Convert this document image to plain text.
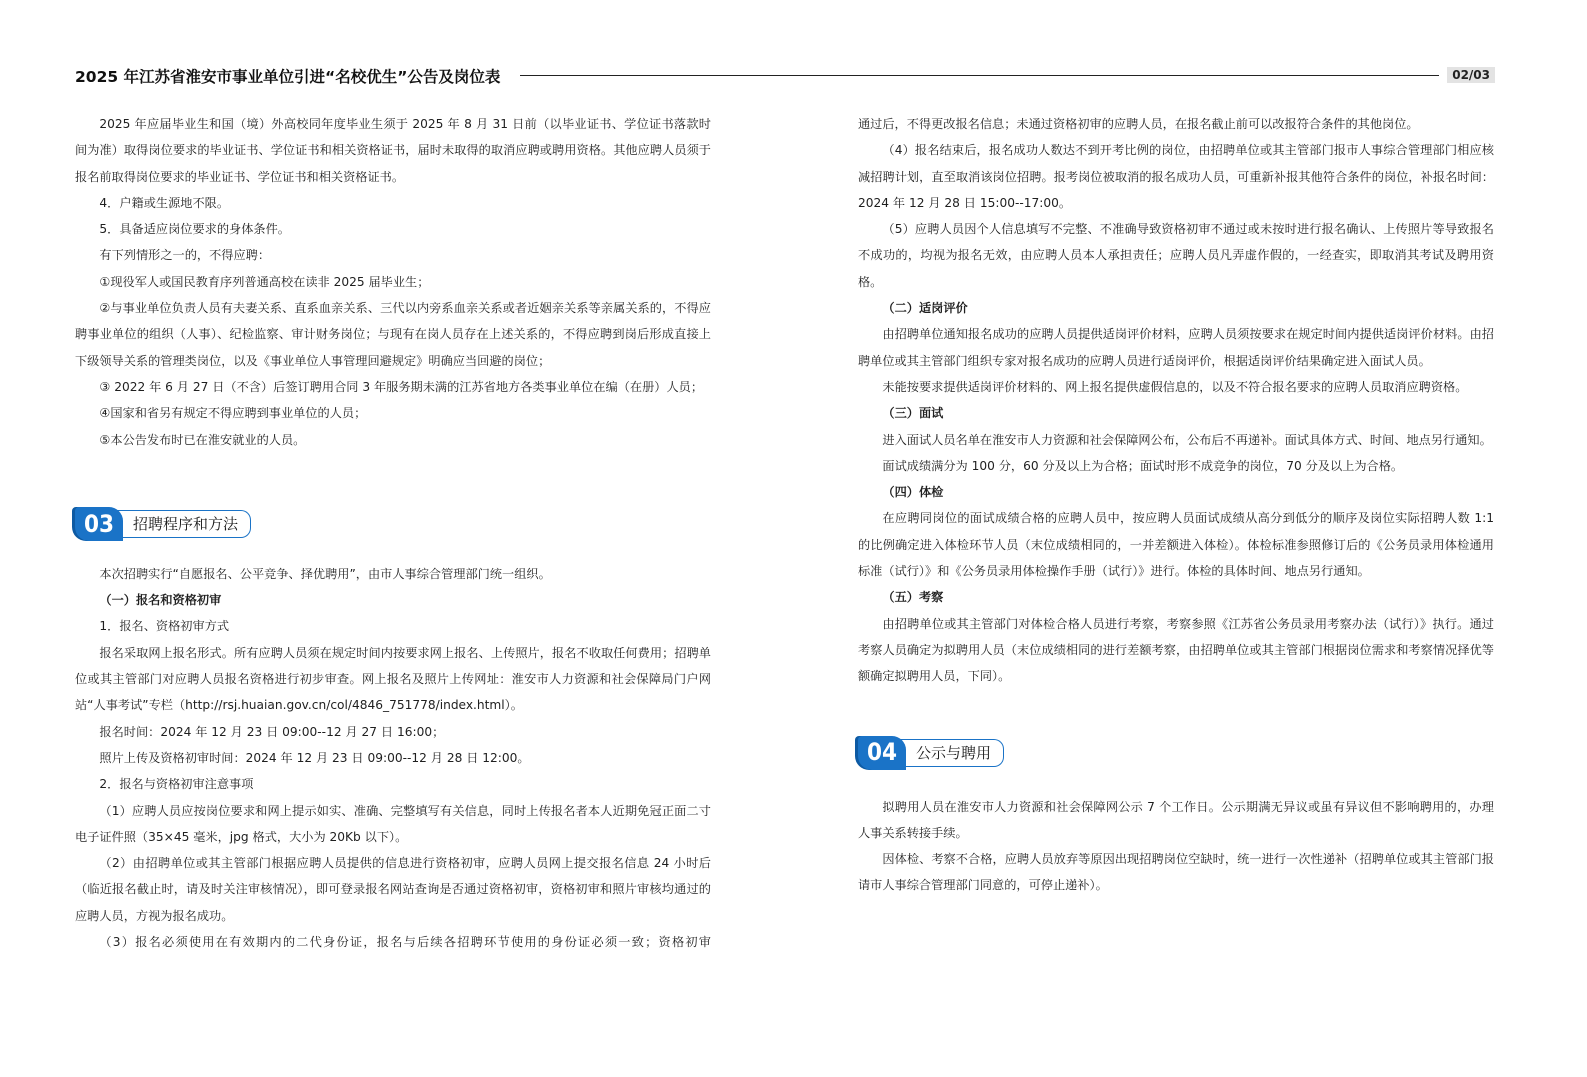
2025 年江苏省淮安市事业单位引进“名校优生”公告及岗位表	02/03

2025 年应届毕业生和国（境）外高校同年度毕业生须于 2025 年 8 月 31 日前（以毕业证书、学位证书落款时间为准）取得岗位要求的毕业证书、学位证书和相关资格证书，届时未取得的取消应聘或聘用资格。其他应聘人员须于报名前取得岗位要求的毕业证书、学位证书和相关资格证书。

4．户籍或生源地不限。

5．具备适应岗位要求的身体条件。

有下列情形之一的，不得应聘：

①现役军人或国民教育序列普通高校在读非 2025 届毕业生；

②与事业单位负责人员有夫妻关系、直系血亲关系、三代以内旁系血亲关系或者近姻亲关系等亲属关系的，不得应聘事业单位的组织（人事）、纪检监察、审计财务岗位；与现有在岗人员存在上述关系的，不得应聘到岗后形成直接上下级领导关系的管理类岗位，以及《事业单位人事管理回避规定》明确应当回避的岗位；

③ 2022 年 6 月 27 日（不含）后签订聘用合同 3 年服务期未满的江苏省地方各类事业单位在编（在册）人员；

④国家和省另有规定不得应聘到事业单位的人员；

⑤本公告发布时已在淮安就业的人员。

03	招聘程序和方法

本次招聘实行“自愿报名、公平竞争、择优聘用”，由市人事综合管理部门统一组织。

（一）报名和资格初审

1．报名、资格初审方式

报名采取网上报名形式。所有应聘人员须在规定时间内按要求网上报名、上传照片，报名不收取任何费用；招聘单位或其主管部门对应聘人员报名资格进行初步审查。网上报名及照片上传网址：淮安市人力资源和社会保障局门户网站“人事考试”专栏（http://rsj.huaian.gov.cn/col/4846_751778/index.html）。

报名时间：2024 年 12 月 23 日 09:00--12 月 27 日 16:00；

照片上传及资格初审时间：2024 年 12 月 23 日 09:00--12 月 28 日 12:00。

2．报名与资格初审注意事项

（1）应聘人员应按岗位要求和网上提示如实、准确、完整填写有关信息，同时上传报名者本人近期免冠正面二寸电子证件照（35×45 毫米，jpg 格式，大小为 20Kb 以下）。

（2）由招聘单位或其主管部门根据应聘人员提供的信息进行资格初审，应聘人员网上提交报名信息 24 小时后（临近报名截止时，请及时关注审核情况），即可登录报名网站查询是否通过资格初审，资格初审和照片审核均通过的应聘人员，方视为报名成功。

（3）报名必须使用在有效期内的二代身份证，报名与后续各招聘环节使用的身份证必须一致；资格初审

通过后，不得更改报名信息；未通过资格初审的应聘人员，在报名截止前可以改报符合条件的其他岗位。

（4）报名结束后，报名成功人数达不到开考比例的岗位，由招聘单位或其主管部门报市人事综合管理部门相应核减招聘计划，直至取消该岗位招聘。报考岗位被取消的报名成功人员，可重新补报其他符合条件的岗位，补报名时间：2024 年 12 月 28 日 15:00--17:00。

（5）应聘人员因个人信息填写不完整、不准确导致资格初审不通过或未按时进行报名确认、上传照片等导致报名不成功的，均视为报名无效，由应聘人员本人承担责任；应聘人员凡弄虚作假的，一经查实，即取消其考试及聘用资格。

（二）适岗评价

由招聘单位通知报名成功的应聘人员提供适岗评价材料，应聘人员须按要求在规定时间内提供适岗评价材料。由招聘单位或其主管部门组织专家对报名成功的应聘人员进行适岗评价，根据适岗评价结果确定进入面试人员。

未能按要求提供适岗评价材料的、网上报名提供虚假信息的，以及不符合报名要求的应聘人员取消应聘资格。

（三）面试

进入面试人员名单在淮安市人力资源和社会保障网公布，公布后不再递补。面试具体方式、时间、地点另行通知。

面试成绩满分为 100 分，60 分及以上为合格；面试时形不成竞争的岗位，70 分及以上为合格。

（四）体检

在应聘同岗位的面试成绩合格的应聘人员中，按应聘人员面试成绩从高分到低分的顺序及岗位实际招聘人数 1:1 的比例确定进入体检环节人员（末位成绩相同的，一并差额进入体检）。体检标准参照修订后的《公务员录用体检通用标准（试行）》和《公务员录用体检操作手册（试行）》进行。体检的具体时间、地点另行通知。

（五）考察

由招聘单位或其主管部门对体检合格人员进行考察，考察参照《江苏省公务员录用考察办法（试行）》执行。通过考察人员确定为拟聘用人员（末位成绩相同的进行差额考察，由招聘单位或其主管部门根据岗位需求和考察情况择优等额确定拟聘用人员，下同）。

04	公示与聘用

拟聘用人员在淮安市人力资源和社会保障网公示 7 个工作日。公示期满无异议或虽有异议但不影响聘用的，办理人事关系转接手续。

因体检、考察不合格，应聘人员放弃等原因出现招聘岗位空缺时，统一进行一次性递补（招聘单位或其主管部门报请市人事综合管理部门同意的，可停止递补）。
